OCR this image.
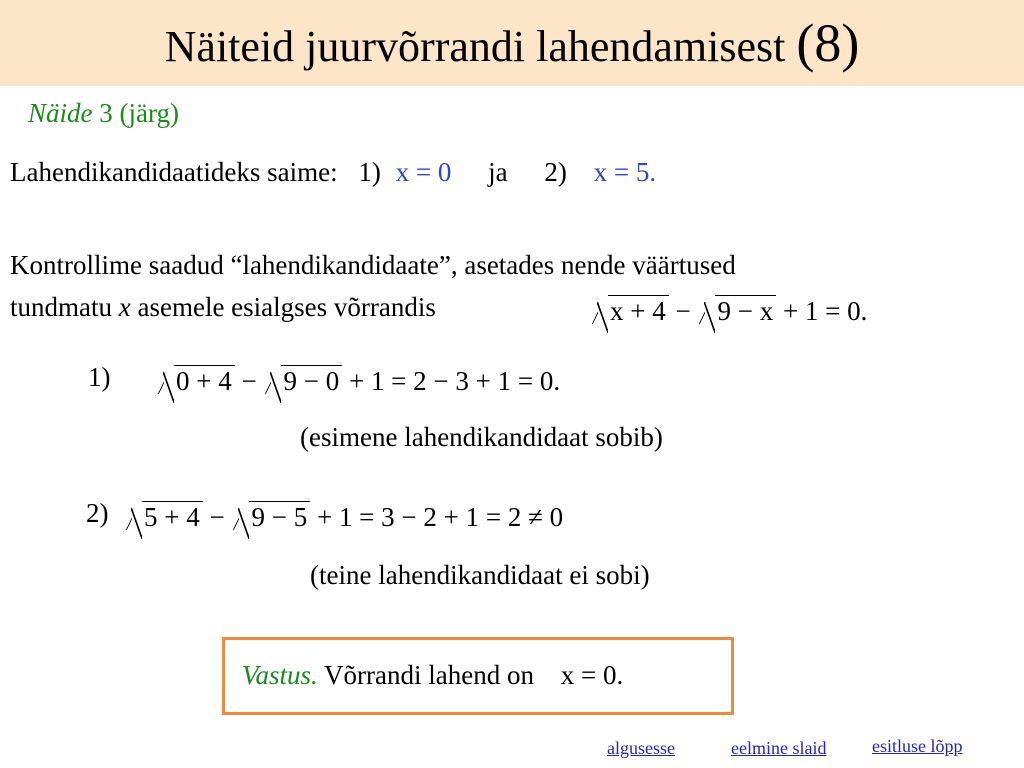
Näiteid juurvõrrandi lahendamisest (8)
Näide 3 (järg)
Lahendikandidaatideks saime: 1) x = 0 ja 2) x = 5.
Kontrollime saadud “lahendikandidaate”, asetades nende väärtused
tundmatu x asemele esialgses võrrandis	x + 4 − 9 − x + 1 = 0.
1)	0 + 4 − 9 − 0 + 1 = 2 − 3 + 1 = 0.
(esimene lahendikandidaat sobib)
2)	5 + 4 − 9 − 5 + 1 = 3 − 2 + 1 = 2 ≠ 0
(teine lahendikandidaat ei sobi)
Vastus. Võrrandi lahend on x = 0.
algusesse	eelmine slaid	esitluse lõpp
